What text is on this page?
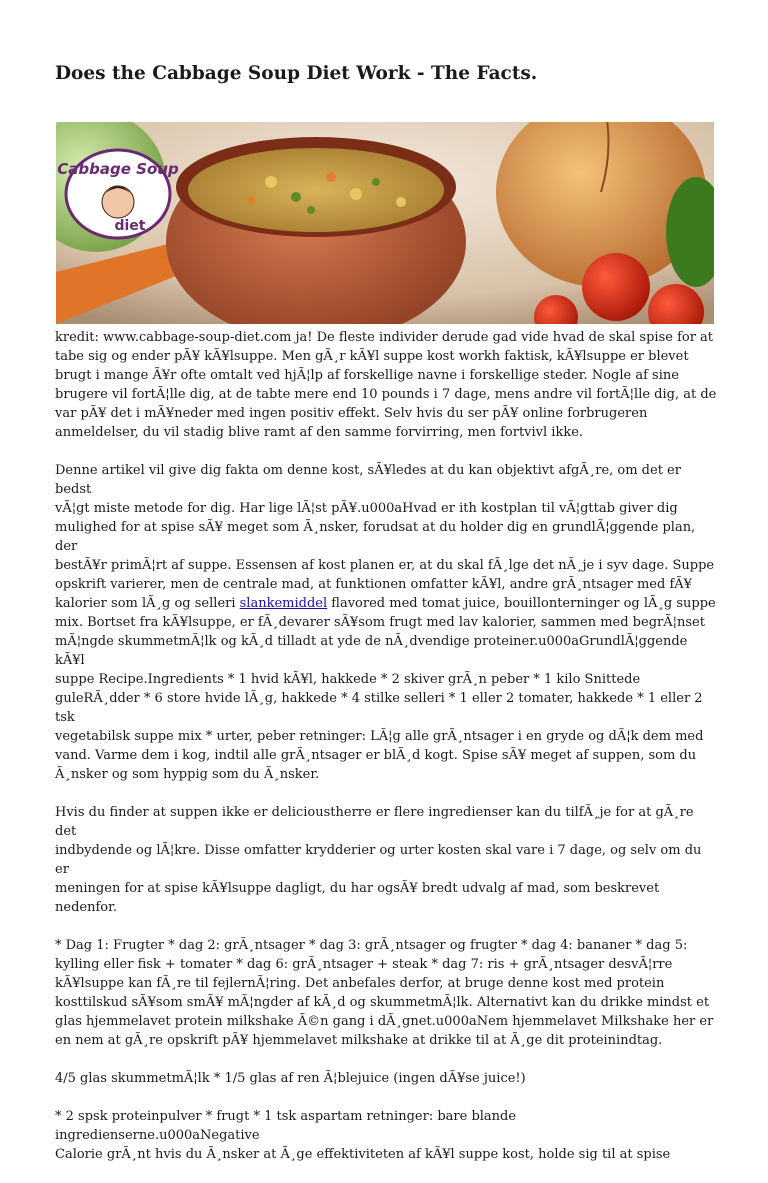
Does the Cabbage Soup Diet Work - The Facts.
Cabbage Soup
diet

kredit: www.cabbage-soup-diet.com ja! De fleste individer derude gad vide hvad de skal spise for at
tabe sig og ender pÃ¥ kÃ¥lsuppe. Men gÃ¸r kÃ¥l suppe kost workh faktisk, kÃ¥lsuppe er blevet
brugt i mange Ã¥r ofte omtalt ved hjÃ¦lp af forskellige navne i forskellige steder. Nogle af sine
brugere vil fortÃ¦lle dig, at de tabte mere end 10 pounds i 7 dage, mens andre vil fortÃ¦lle dig, at de
var pÃ¥ det i mÃ¥neder med ingen positiv effekt. Selv hvis du ser pÃ¥ online forbrugeren
anmeldelser, du vil stadig blive ramt af den samme forvirring, men fortvivl ikke.

Denne artikel vil give dig fakta om denne kost, sÃ¥ledes at du kan objektivt afgÃ¸re, om det er bedst
vÃ¦gt miste metode for dig. Har lige lÃ¦st pÃ¥.u000aHvad er ith kostplan til vÃ¦gttab giver dig
mulighed for at spise sÃ¥ meget som Ã¸nsker, forudsat at du holder dig en grundlÃ¦ggende plan, der
bestÃ¥r primÃ¦rt af suppe. Essensen af kost planen er, at du skal fÃ¸lge det nÃ¸je i syv dage. Suppe
opskrift varierer, men de centrale mad, at funktionen omfatter kÃ¥l, andre grÃ¸ntsager med fÃ¥
kalorier som lÃ¸g og selleri slankemiddel flavored med tomat juice, bouillonterninger og lÃ¸g suppe
mix. Bortset fra kÃ¥lsuppe, er fÃ¸devarer sÃ¥som frugt med lav kalorier, sammen med begrÃ¦nset
mÃ¦ngde skummetmÃ¦lk og kÃ¸d tilladt at yde de nÃ¸dvendige proteiner.u000aGrundlÃ¦ggende kÃ¥l
suppe Recipe.Ingredients * 1 hvid kÃ¥l, hakkede * 2 skiver grÃ¸n peber * 1 kilo Snittede
guleRÃ¸dder * 6 store hvide lÃ¸g, hakkede * 4 stilke selleri * 1 eller 2 tomater, hakkede * 1 eller 2 tsk
vegetabilsk suppe mix * urter, peber retninger: LÃ¦g alle grÃ¸ntsager i en gryde og dÃ¦k dem med
vand. Varme dem i kog, indtil alle grÃ¸ntsager er blÃ¸d kogt. Spise sÃ¥ meget af suppen, som du
Ã¸nsker og som hyppig som du Ã¸nsker.

Hvis du finder at suppen ikke er delicioustherre er flere ingredienser kan du tilfÃ¸je for at gÃ¸re det
indbydende og lÃ¦kre. Disse omfatter krydderier og urter kosten skal vare i 7 dage, og selv om du er
meningen for at spise kÃ¥lsuppe dagligt, du har ogsÃ¥ bredt udvalg af mad, som beskrevet
nedenfor.

* Dag 1: Frugter * dag 2: grÃ¸ntsager * dag 3: grÃ¸ntsager og frugter * dag 4: bananer * dag 5:
kylling eller fisk + tomater * dag 6: grÃ¸ntsager + steak * dag 7: ris + grÃ¸ntsager desvÃ¦rre
kÃ¥lsuppe kan fÃ¸re til fejlernÃ¦ring. Det anbefales derfor, at bruge denne kost med protein
kosttilskud sÃ¥som smÃ¥ mÃ¦ngder af kÃ¸d og skummetmÃ¦lk. Alternativt kan du drikke mindst et
glas hjemmelavet protein milkshake Ã©n gang i dÃ¸gnet.u000aNem hjemmelavet Milkshake her er
en nem at gÃ¸re opskrift pÃ¥ hjemmelavet milkshake at drikke til at Ã¸ge dit proteinindtag.

4/5 glas skummetmÃ¦lk * 1/5 glas af ren Ã¦blejuice (ingen dÃ¥se juice!)

* 2 spsk proteinpulver * frugt * 1 tsk aspartam retninger: bare blande ingredienserne.u000aNegative
Calorie grÃ¸nt hvis du Ã¸nsker at Ã¸ge effektiviteten af kÃ¥l suppe kost, holde sig til at spise
